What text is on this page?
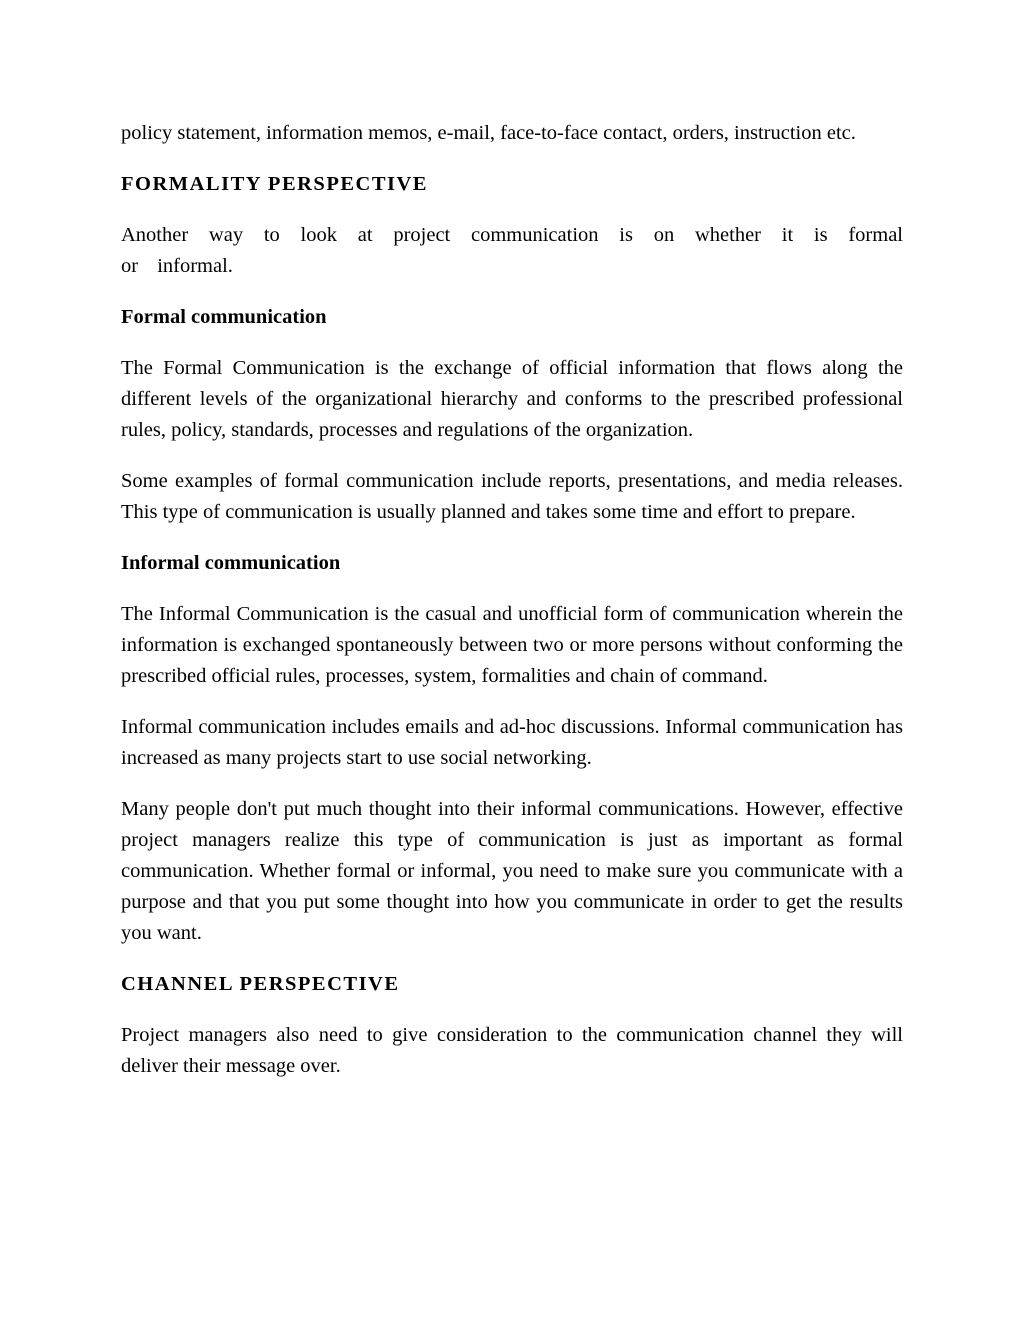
policy statement, information memos, e-mail, face-to-face contact, orders, instruction etc.

FORMALITY PERSPECTIVE

Another way to look at project communication is on whether it is formal or informal.

Formal communication

The Formal Communication is the exchange of official information that flows along the different levels of the organizational hierarchy and conforms to the prescribed professional rules, policy, standards, processes and regulations of the organization.

Some examples of formal communication include reports, presentations, and media releases. This type of communication is usually planned and takes some time and effort to prepare.

Informal communication

The Informal Communication is the casual and unofficial form of communication wherein the information is exchanged spontaneously between two or more persons without conforming the prescribed official rules, processes, system, formalities and chain of command.

Informal communication includes emails and ad-hoc discussions. Informal communication has increased as many projects start to use social networking.

Many people don't put much thought into their informal communications. However, effective project managers realize this type of communication is just as important as formal communication. Whether formal or informal, you need to make sure you communicate with a purpose and that you put some thought into how you communicate in order to get the results you want.

CHANNEL PERSPECTIVE

Project managers also need to give consideration to the communication channel they will deliver their message over.
